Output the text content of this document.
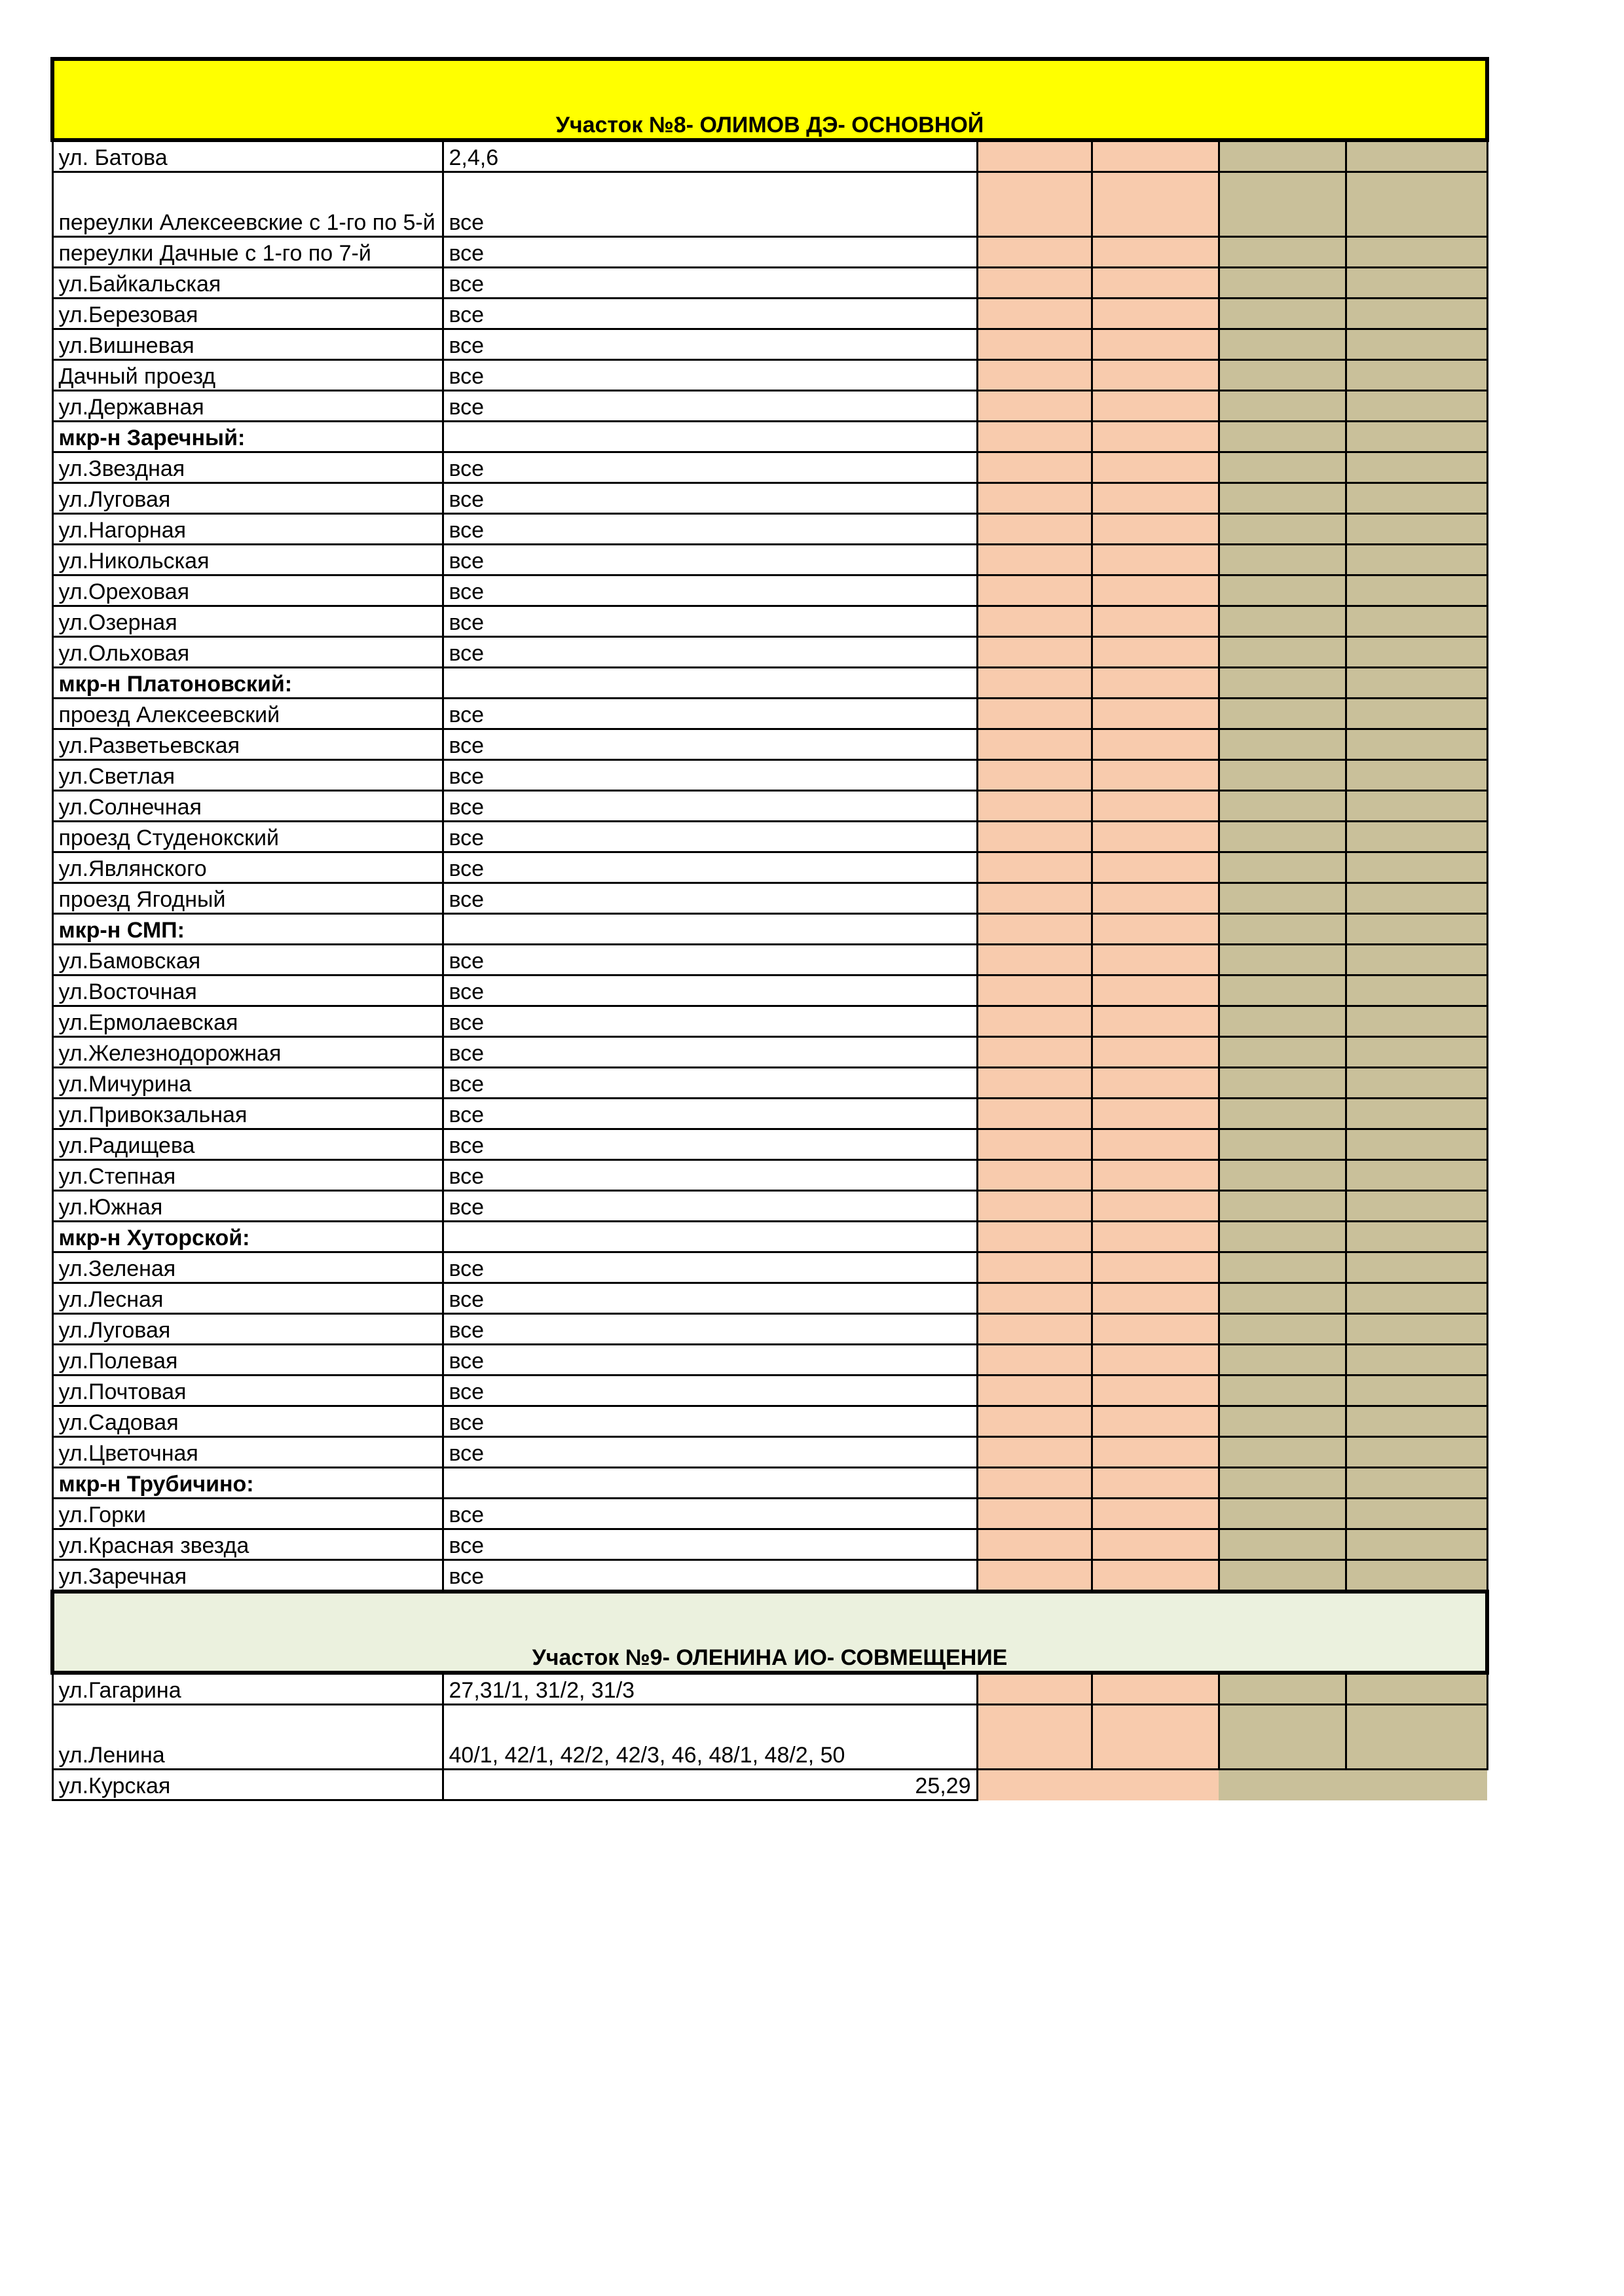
Участок №8- ОЛИМОВ ДЭ- ОСНОВНОЙ					
ул. Батова	2,4,6				
переулки Алексеевские с 1-го по 5-й	все				
переулки Дачные с 1-го по 7-й	все				
ул.Байкальская	все				
ул.Березовая	все				
ул.Вишневая	все				
Дачный проезд	все				
ул.Державная	все				
мкр-н Заречный:					
ул.Звездная	все				
ул.Луговая	все				
ул.Нагорная	все				
ул.Никольская	все				
ул.Ореховая	все				
ул.Озерная	все				
ул.Ольховая	все				
мкр-н Платоновский:					
проезд Алексеевский	все				
ул.Разветьевская	все				
ул.Светлая	все				
ул.Солнечная	все				
проезд Студенокский	все				
ул.Являнского	все				
проезд Ягодный	все				
мкр-н СМП:					
ул.Бамовская	все				
ул.Восточная	все				
ул.Ермолаевская	все				
ул.Железнодорожная	все				
ул.Мичурина	все				
ул.Привокзальная	все				
ул.Радищева	все				
ул.Степная	все				
ул.Южная	все				
мкр-н Хуторской:					
ул.Зеленая	все				
ул.Лесная	все				
ул.Луговая	все				
ул.Полевая	все				
ул.Почтовая	все				
ул.Садовая	все				
ул.Цветочная	все				
мкр-н Трубичино:					
ул.Горки	все				
ул.Красная звезда	все				
ул.Заречная	все				
Участок №9- ОЛЕНИНА ИО- СОВМЕЩЕНИЕ					
ул.Гагарина	27,31/1, 31/2, 31/3				
ул.Ленина	40/1, 42/1, 42/2, 42/3, 46, 48/1, 48/2, 50				
ул.Курская	25,29				
